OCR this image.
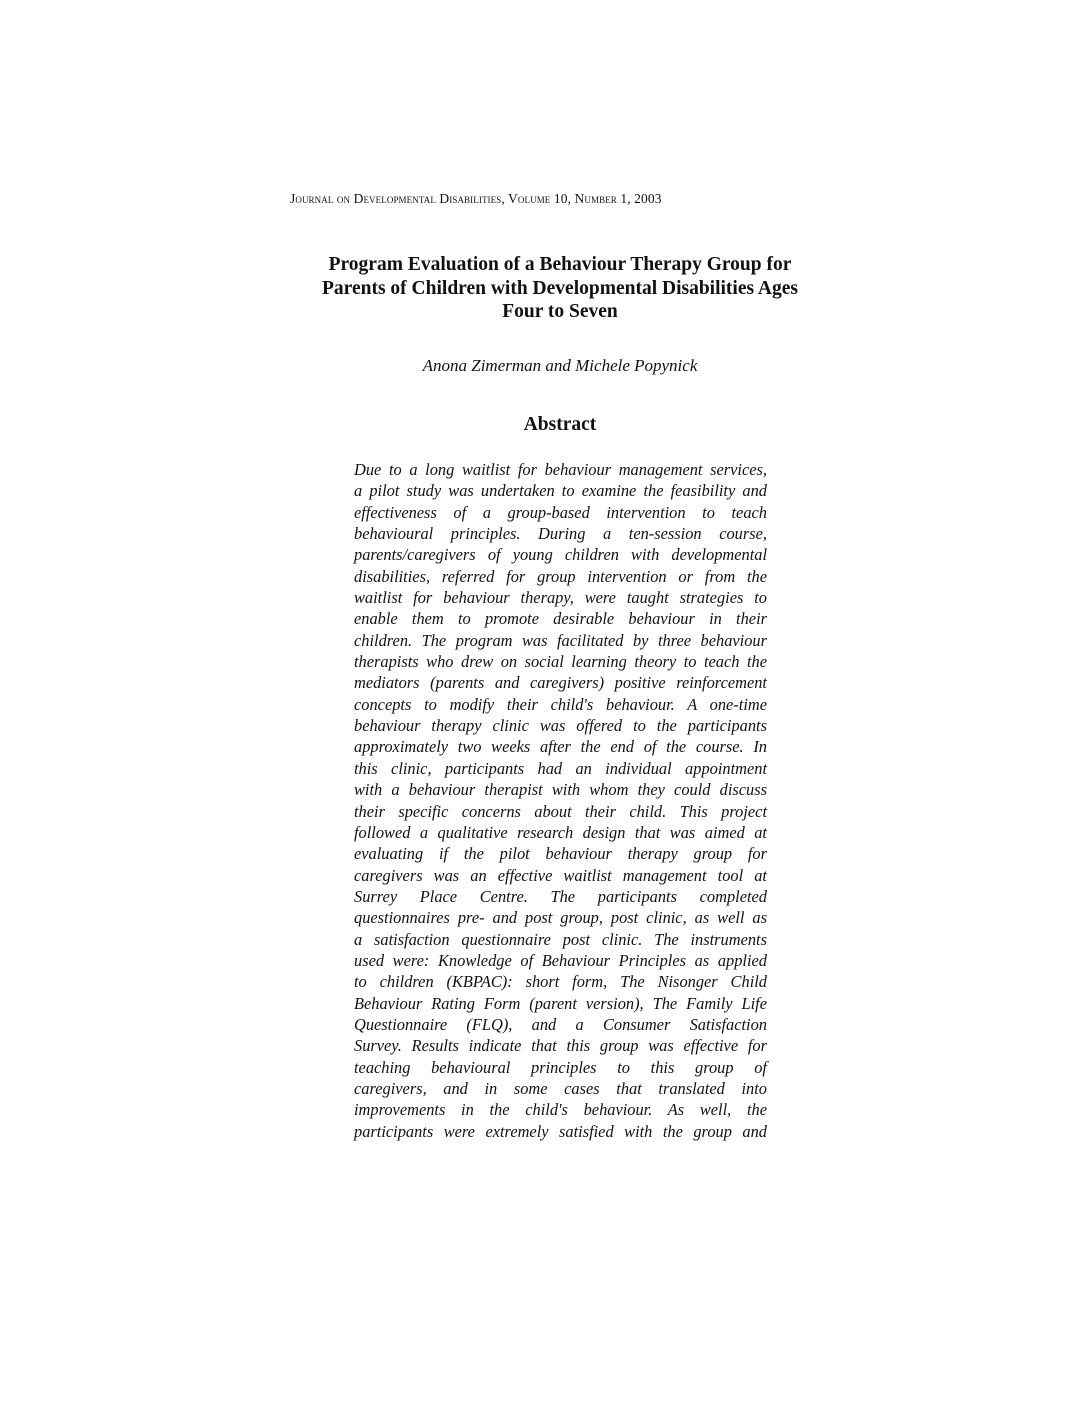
Journal on Developmental Disabilities, Volume 10, Number 1, 2003
Program Evaluation of a Behaviour Therapy Group for
Parents of Children with Developmental Disabilities Ages
Four to Seven
Anona Zimerman and Michele Popynick
Abstract
Due to a long waitlist for behaviour management services,
a pilot study was undertaken to examine the feasibility and
effectiveness of a group-based intervention to teach
behavioural principles. During a ten-session course,
parents/caregivers of young children with developmental
disabilities, referred for group intervention or from the
waitlist for behaviour therapy, were taught strategies to
enable them to promote desirable behaviour in their
children. The program was facilitated by three behaviour
therapists who drew on social learning theory to teach the
mediators (parents and caregivers) positive reinforcement
concepts to modify their child's behaviour. A one-time
behaviour therapy clinic was offered to the participants
approximately two weeks after the end of the course. In
this clinic, participants had an individual appointment
with a behaviour therapist with whom they could discuss
their specific concerns about their child. This project
followed a qualitative research design that was aimed at
evaluating if the pilot behaviour therapy group for
caregivers was an effective waitlist management tool at
Surrey Place Centre. The participants completed
questionnaires pre- and post group, post clinic, as well as
a satisfaction questionnaire post clinic. The instruments
used were: Knowledge of Behaviour Principles as applied
to children (KBPAC): short form, The Nisonger Child
Behaviour Rating Form (parent version), The Family Life
Questionnaire (FLQ), and a Consumer Satisfaction
Survey. Results indicate that this group was effective for
teaching behavioural principles to this group of
caregivers, and in some cases that translated into
improvements in the child's behaviour. As well, the
participants were extremely satisfied with the group and
